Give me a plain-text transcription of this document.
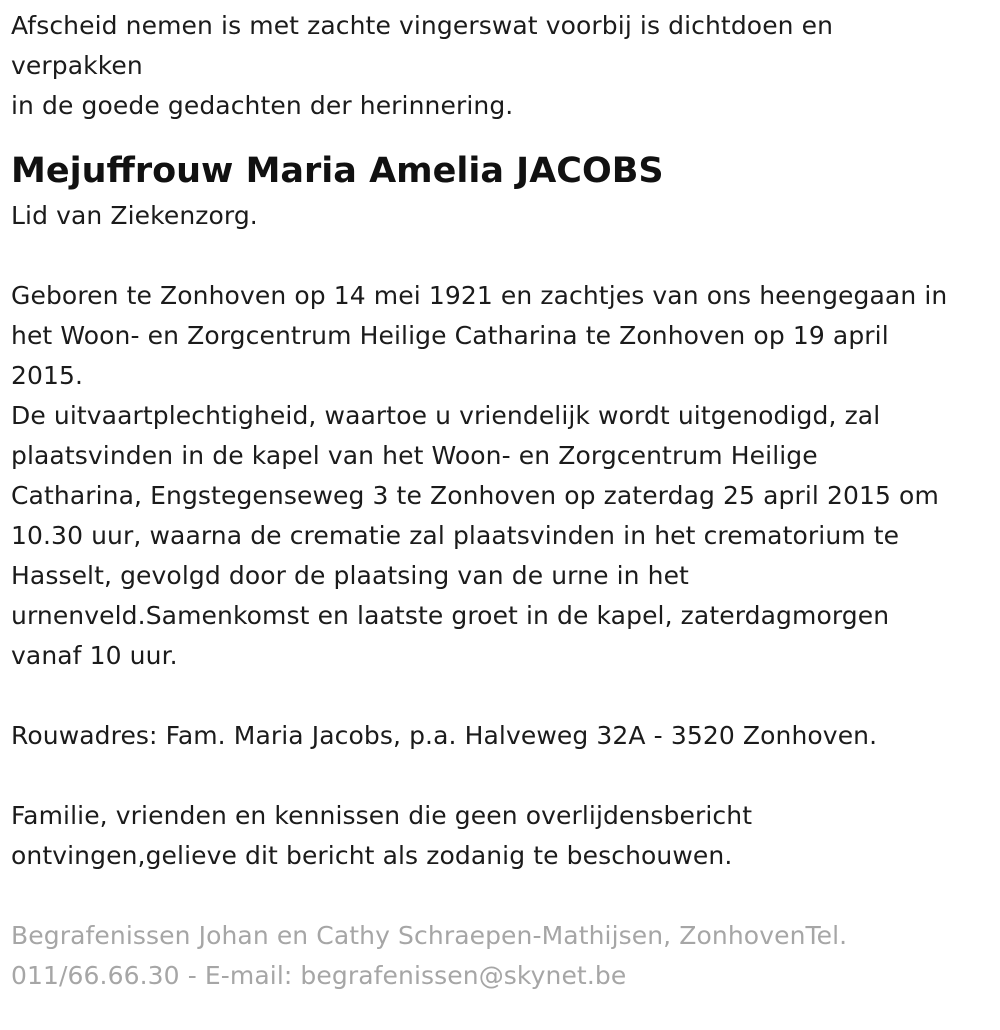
Afscheid nemen is met zachte vingerswat voorbij is dichtdoen en
verpakken
in de goede gedachten der herinnering.
Mejuffrouw Maria Amelia JACOBS
Lid van Ziekenzorg.
Geboren te Zonhoven op 14 mei 1921 en zachtjes van ons heengegaan in
het Woon- en Zorgcentrum Heilige Catharina te Zonhoven op 19 april
2015.
De uitvaartplechtigheid, waartoe u vriendelijk wordt uitgenodigd, zal
plaatsvinden in de kapel van het Woon- en Zorgcentrum Heilige
Catharina, Engstegenseweg 3 te Zonhoven op zaterdag 25 april 2015 om
10.30 uur, waarna de crematie zal plaatsvinden in het crematorium te
Hasselt, gevolgd door de plaatsing van de urne in het
urnenveld.Samenkomst en laatste groet in de kapel, zaterdagmorgen
vanaf 10 uur.
Rouwadres: Fam. Maria Jacobs, p.a. Halveweg 32A - 3520 Zonhoven.
Familie, vrienden en kennissen die geen overlijdensbericht
ontvingen,gelieve dit bericht als zodanig te beschouwen.
Begrafenissen Johan en Cathy Schraepen-Mathijsen, ZonhovenTel.
011/66.66.30 - E-mail: begrafenissen@skynet.be
